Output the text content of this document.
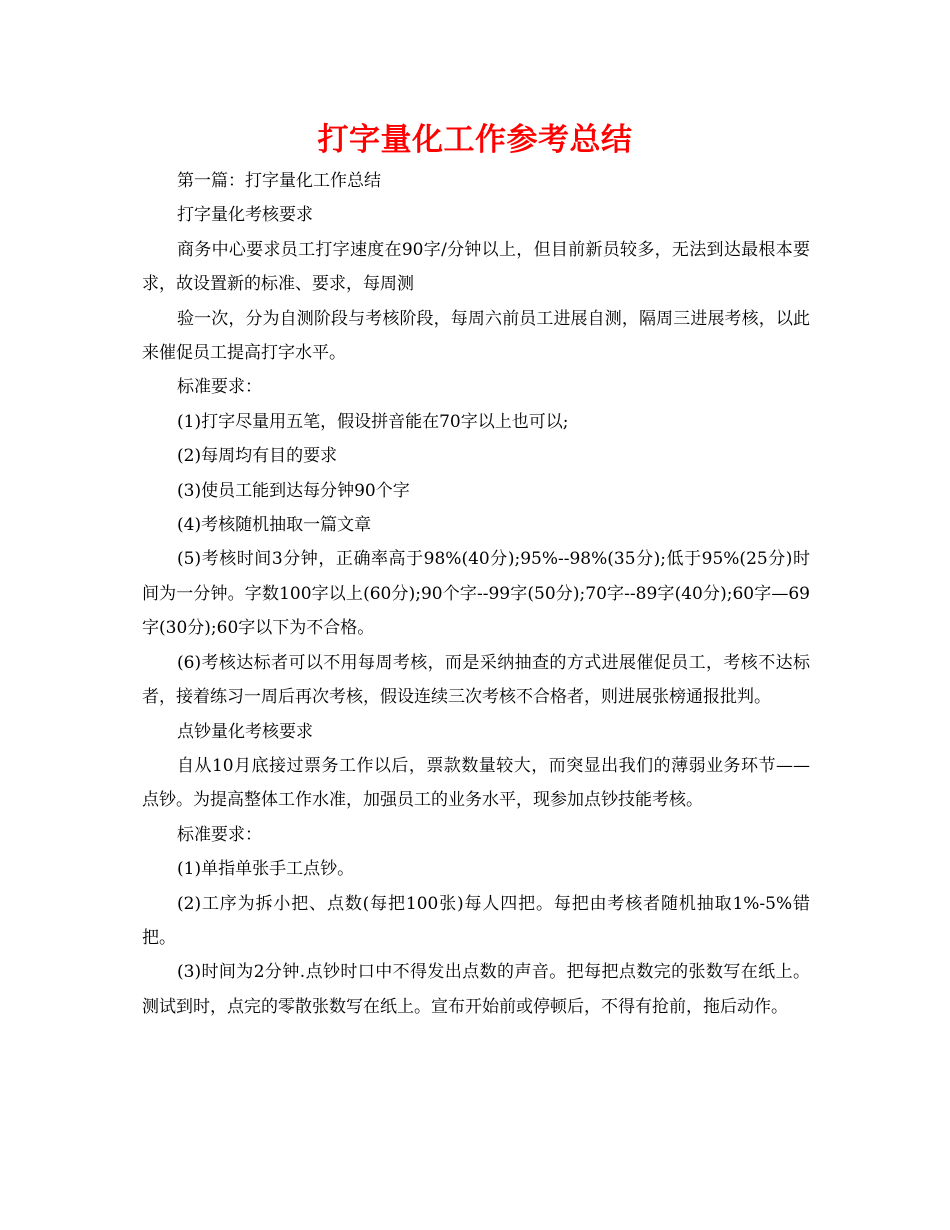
打字量化工作参考总结

第一篇：打字量化工作总结

打字量化考核要求

商务中心要求员工打字速度在90字/分钟以上，但目前新员较多，无法到达最根本要求，故设置新的标准、要求，每周测

验一次，分为自测阶段与考核阶段，每周六前员工进展自测，隔周三进展考核，以此来催促员工提高打字水平。

标准要求：

(1)打字尽量用五笔，假设拼音能在70字以上也可以;

(2)每周均有目的要求

(3)使员工能到达每分钟90个字

(4)考核随机抽取一篇文章

(5)考核时间3分钟，正确率高于98%(40分);95%--98%(35分);低于95%(25分)时间为一分钟。字数100字以上(60分);90个字--99字(50分);70字--89字(40分);60字—69字(30分);60字以下为不合格。

(6)考核达标者可以不用每周考核，而是采纳抽查的方式进展催促员工，考核不达标者，接着练习一周后再次考核，假设连续三次考核不合格者，则进展张榜通报批判。

点钞量化考核要求

自从10月底接过票务工作以后，票款数量较大，而突显出我们的薄弱业务环节——点钞。为提高整体工作水准，加强员工的业务水平，现参加点钞技能考核。

标准要求：

(1)单指单张手工点钞。

(2)工序为拆小把、点数(每把100张)每人四把。每把由考核者随机抽取1%-5%错把。

(3)时间为2分钟.点钞时口中不得发出点数的声音。把每把点数完的张数写在纸上。测试到时，点完的零散张数写在纸上。宣布开始前或停顿后，不得有抢前，拖后动作。
